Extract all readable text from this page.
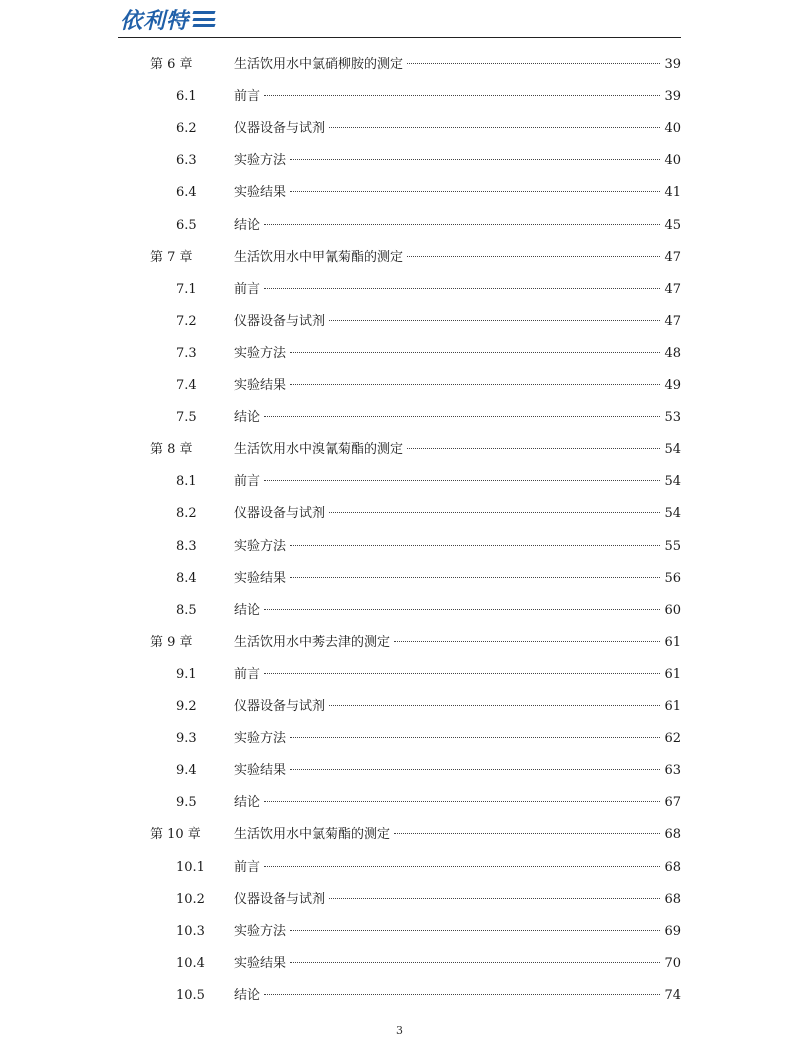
依利特
第 6 章	生活饮用水中氯硝柳胺的测定	39
6.1	前言	39
6.2	仪器设备与试剂	40
6.3	实验方法	40
6.4	实验结果	41
6.5	结论	45
第 7 章	生活饮用水中甲氰菊酯的测定	47
7.1	前言	47
7.2	仪器设备与试剂	47
7.3	实验方法	48
7.4	实验结果	49
7.5	结论	53
第 8 章	生活饮用水中溴氰菊酯的测定	54
8.1	前言	54
8.2	仪器设备与试剂	54
8.3	实验方法	55
8.4	实验结果	56
8.5	结论	60
第 9 章	生活饮用水中莠去津的测定	61
9.1	前言	61
9.2	仪器设备与试剂	61
9.3	实验方法	62
9.4	实验结果	63
9.5	结论	67
第 10 章	生活饮用水中氯菊酯的测定	68
10.1 前言	68
10.2 仪器设备与试剂	68
10.3 实验方法	69
10.4 实验结果	70
10.5 结论	74
3
